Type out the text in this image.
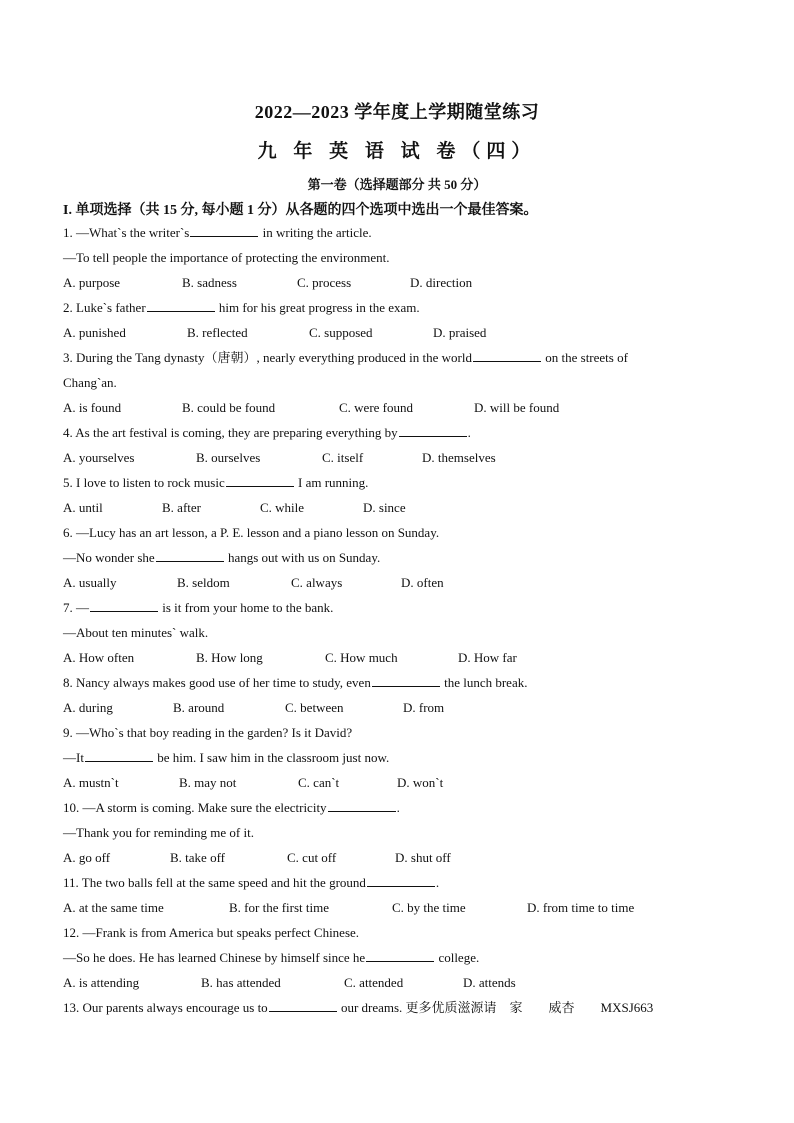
2022—2023 学年度上学期随堂练习
九 年 英 语 试 卷（四）
第一卷（选择题部分 共 50 分）
I. 单项选择（共 15 分, 每小题 1 分）从各题的四个选项中选出一个最佳答案。
1. —What`s the writer`s	in writing the article.
—To tell people the importance of protecting the environment.
A. purpose	B. sadness	C. process	D. direction
2. Luke`s father	him for his great progress in the exam.
A. punished	B. reflected	C. supposed	D. praised
3. During the Tang dynasty（唐朝）, nearly everything produced in the world	on the streets of
Chang`an.
A. is found	B. could be found	C. were found	D. will be found
4. As the art festival is coming, they are preparing everything by	.
A. yourselves	B. ourselves	C. itself	D. themselves
5. I love to listen to rock music	I am running.
A. until	B. after	C. while	D. since
6. —Lucy has an art lesson, a P. E. lesson and a piano lesson on Sunday.
—No wonder she	hangs out with us on Sunday.
A. usually	B. seldom	C. always	D. often
7. —	is it from your home to the bank.
—About ten minutes` walk.
A. How often	B. How long	C. How much	D. How far
8. Nancy always makes good use of her time to study, even	the lunch break.
A. during	B. around	C. between	D. from
9. —Who`s that boy reading in the garden? Is it David?
—It	be him. I saw him in the classroom just now.
A. mustn`t	B. may not	C. can`t	D. won`t
10. —A storm is coming. Make sure the electricity	.
—Thank you for reminding me of it.
A. go off	B. take off	C. cut off	D. shut off
11. The two balls fell at the same speed and hit the ground	.
A. at the same time	B. for the first time	C. by the time	D. from time to time
12. —Frank is from America but speaks perfect Chinese.
—So he does. He has learned Chinese by himself since he	college.
A. is attending	B. has attended	C. attended	D. attends
13. Our parents always encourage us to	our dreams. 更多优质滋源请　家　　威杏　　MXSJ663
